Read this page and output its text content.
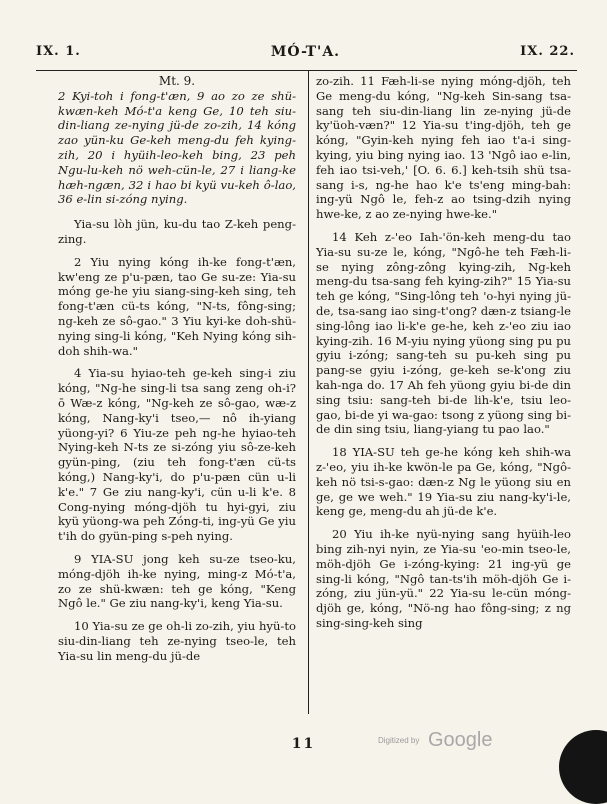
IX. 1.	MÓ-T'A.	IX. 22.

Mt. 9.

2 Kyi-toh i fong-t'æn, 9 ao zo ze shü-kwæn-keh Mó-t'a keng Ge, 10 teh siu-din-liang ze-nying jü-de zo-zih, 14 kóng zao yün-ku Ge-keh meng-du feh kying-zih, 20 i hyüih-leo-keh bing, 23 peh Ngu-lu-keh nö weh-cün-le, 27 i liang-ke hæh-ngæn, 32 i hao bi kyü vu-keh ô-lao, 36 e-lin si-zóng nying.

Yia-su lòh jün, ku-du tao Z-keh peng-zing.

2 Yiu nying kóng ih-ke fong-t'æn, kw'eng ze p'u-pæn, tao Ge su-ze: Yia-su móng ge-he yiu siang-sing-keh sing, teh fong-t'æn cü-ts kóng, "N-ts, fông-sing; ng-keh ze sô-gao." 3 Yiu kyi-ke doh-shü-nying sing-li kóng, "Keh Nying kóng sih-doh shih-wa."

4 Yia-su hyiao-teh ge-keh sing-i ziu kóng, "Ng-he sing-li tsa sang zeng oh-i? ō Wæ-z kóng, "Ng-keh ze sô-gao, wæ-z kóng, Nang-ky'i tseo,— nô ih-yiang yüong-yi? 6 Yiu-ze peh ng-he hyiao-teh Nying-keh N-ts ze si-zóng yiu sô-ze-keh gyün-ping, (ziu teh fong-t'æn cü-ts kóng,) Nang-ky'i, do p'u-pæn cün u-li k'e." 7 Ge ziu nang-ky'i, cün u-li k'e. 8 Cong-nying móng-djöh tu hyi-gyi, ziu kyü yüong-wa peh Zóng-ti, ing-yü Ge yiu t'ih do gyün-ping s-peh nying.

9 YIA-SU jong keh su-ze tseo-ku, móng-djöh ih-ke nying, ming-z Mó-t'a, zo ze shü-kwæn: teh ge kóng, "Keng Ngô le." Ge ziu nang-ky'i, keng Yia-su.

10 Yia-su ze ge oh-li zo-zih, yiu hyü-to siu-din-liang teh ze-nying tseo-le, teh Yia-su lin meng-du jü-de

zo-zih. 11 Fæh-li-se nying móng-djöh, teh Ge meng-du kóng, "Ng-keh Sin-sang tsa-sang teh siu-din-liang lin ze-nying jü-de ky'üoh-væn?" 12 Yia-su t'ing-djöh, teh ge kóng, "Gyin-keh nying feh iao t'a-i sing-kying, yiu bing nying iao. 13 'Ngô iao e-lin, feh iao tsi-veh,' [O. 6. 6.] keh-tsih shü tsa-sang i-s, ng-he hao k'e ts'eng ming-bah: ing-yü Ngô le, feh-z ao tsing-dzih nying hwe-ke, z ao ze-nying hwe-ke."

14 Keh z-'eo Iah-'ön-keh meng-du tao Yia-su su-ze le, kóng, "Ngô-he teh Fæh-li-se nying zông-zông kying-zih, Ng-keh meng-du tsa-sang feh kying-zih?" 15 Yia-su teh ge kóng, "Sing-lông teh 'o-hyi nying jü-de, tsa-sang iao sing-t'ong? dæn-z tsiang-le sing-lông iao li-k'e ge-he, keh z-'eo ziu iao kying-zih. 16 M-yiu nying yüong sing pu pu gyiu i-zóng; sang-teh su pu-keh sing pu pang-se gyiu i-zóng, ge-keh se-k'ong ziu kah-nga do. 17 Ah feh yüong gyiu bi-de din sing tsiu: sang-teh bi-de lih-k'e, tsiu leo-gao, bi-de yi wa-gao: tsong z yüong sing bi-de din sing tsiu, liang-yiang tu pao lao."

18 YIA-SU teh ge-he kóng keh shih-wa z-'eo, yiu ih-ke kwön-le pa Ge, kóng, "Ngô-keh nö tsi-s-gao: dæn-z Ng le yüong siu en ge, ge we weh." 19 Yia-su ziu nang-ky'i-le, keng ge, meng-du ah jü-de k'e.

20 Yiu ih-ke nyü-nying sang hyüih-leo bing zih-nyi nyin, ze Yia-su 'eo-min tseo-le, möh-djöh Ge i-zóng-kying: 21 ing-yü ge sing-li kóng, "Ngô tan-ts'ih möh-djöh Ge i-zóng, ziu jün-yü." 22 Yia-su le-cün móng-djöh ge, kóng, "Nö-ng hao fông-sing; z ng sing-sing-keh sing

11	Digitized by Google
